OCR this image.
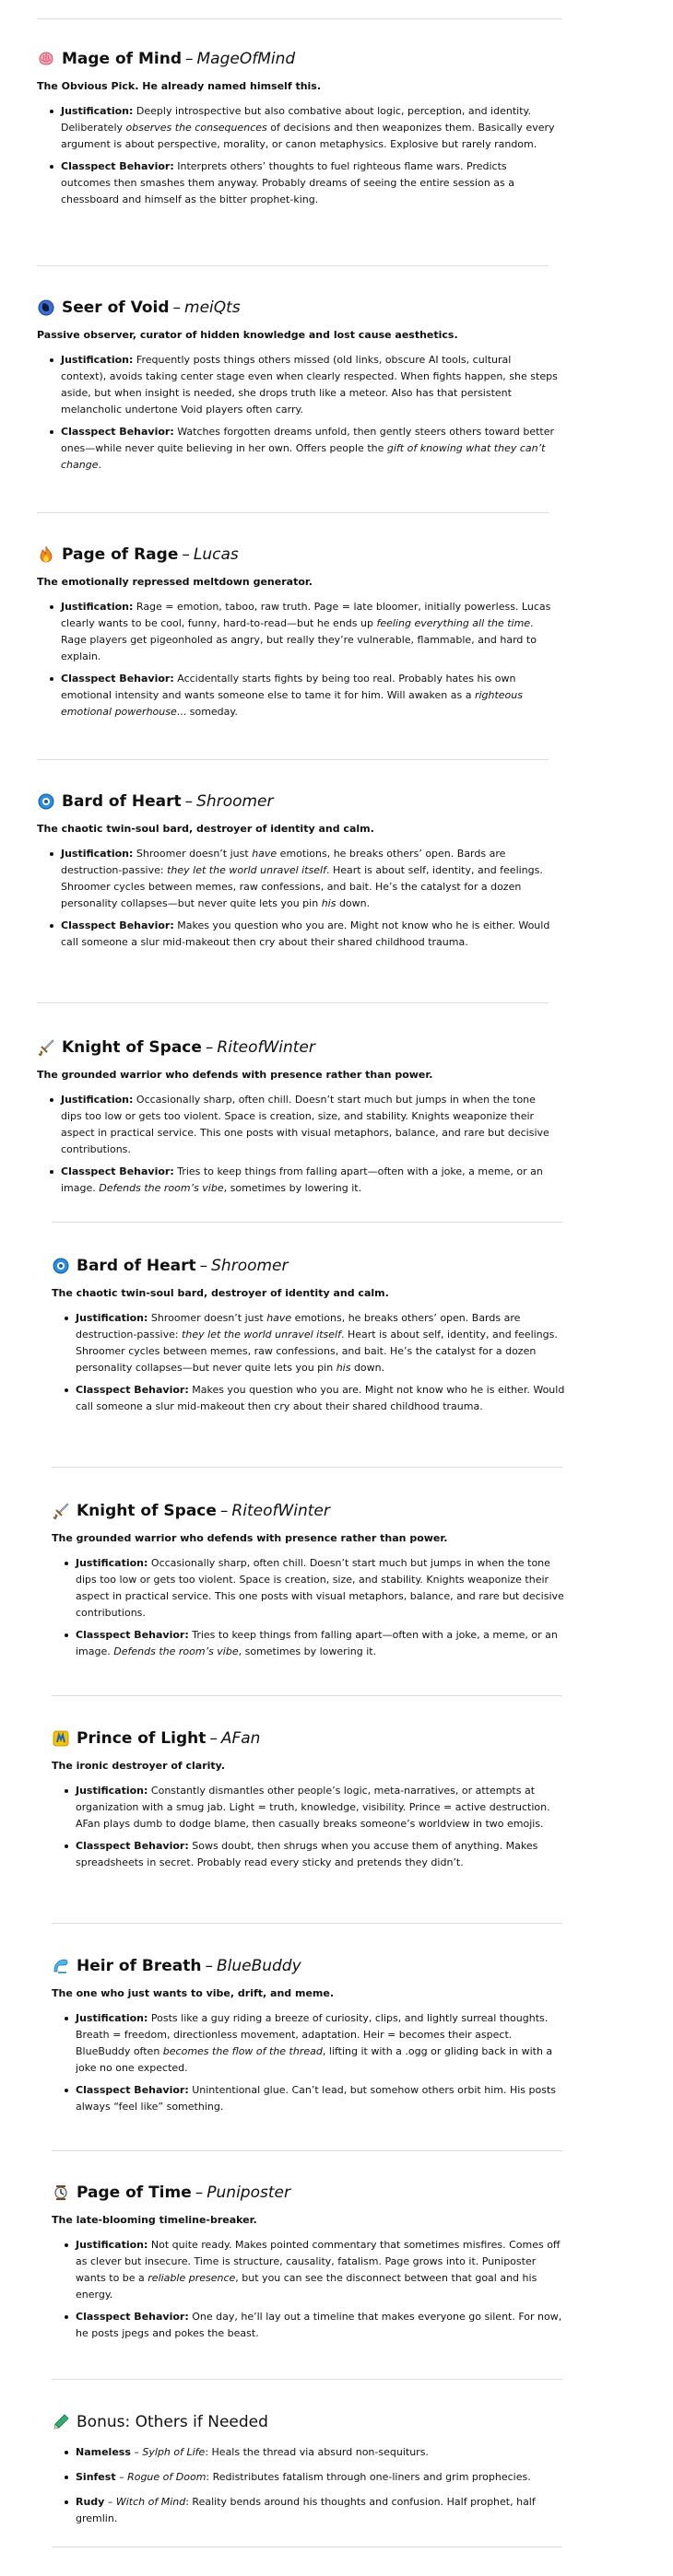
Mage of Mind – MageOfMind

The Obvious Pick. He already named himself this.

Justification: Deeply introspective but also combative about logic, perception, and identity. Deliberately observes the consequences of decisions and then weaponizes them. Basically every argument is about perspective, morality, or canon metaphysics. Explosive but rarely random.
Classpect Behavior: Interprets others’ thoughts to fuel righteous flame wars. Predicts outcomes then smashes them anyway. Probably dreams of seeing the entire session as a chessboard and himself as the bitter prophet-king.
Seer of Void – meiQts

Passive observer, curator of hidden knowledge and lost cause aesthetics.

Justification: Frequently posts things others missed (old links, obscure AI tools, cultural context), avoids taking center stage even when clearly respected. When fights happen, she steps aside, but when insight is needed, she drops truth like a meteor. Also has that persistent melancholic undertone Void players often carry.
Classpect Behavior: Watches forgotten dreams unfold, then gently steers others toward better ones—while never quite believing in her own. Offers people the gift of knowing what they can’t change.
Page of Rage – Lucas

The emotionally repressed meltdown generator.

Justification: Rage = emotion, taboo, raw truth. Page = late bloomer, initially powerless. Lucas clearly wants to be cool, funny, hard-to-read—but he ends up feeling everything all the time. Rage players get pigeonholed as angry, but really they’re vulnerable, flammable, and hard to explain.
Classpect Behavior: Accidentally starts fights by being too real. Probably hates his own emotional intensity and wants someone else to tame it for him. Will awaken as a righteous emotional powerhouse... someday.
Bard of Heart – Shroomer

The chaotic twin-soul bard, destroyer of identity and calm.

Justification: Shroomer doesn’t just have emotions, he breaks others’ open. Bards are destruction-passive: they let the world unravel itself. Heart is about self, identity, and feelings. Shroomer cycles between memes, raw confessions, and bait. He’s the catalyst for a dozen personality collapses—but never quite lets you pin his down.
Classpect Behavior: Makes you question who you are. Might not know who he is either. Would call someone a slur mid-makeout then cry about their shared childhood trauma.
Knight of Space – RiteofWinter

The grounded warrior who defends with presence rather than power.

Justification: Occasionally sharp, often chill. Doesn’t start much but jumps in when the tone dips too low or gets too violent. Space is creation, size, and stability. Knights weaponize their aspect in practical service. This one posts with visual metaphors, balance, and rare but decisive contributions.
Classpect Behavior: Tries to keep things from falling apart—often with a joke, a meme, or an image. Defends the room’s vibe, sometimes by lowering it.
Bard of Heart – Shroomer

The chaotic twin-soul bard, destroyer of identity and calm.

Justification: Shroomer doesn’t just have emotions, he breaks others’ open. Bards are destruction-passive: they let the world unravel itself. Heart is about self, identity, and feelings. Shroomer cycles between memes, raw confessions, and bait. He’s the catalyst for a dozen personality collapses—but never quite lets you pin his down.
Classpect Behavior: Makes you question who you are. Might not know who he is either. Would call someone a slur mid-makeout then cry about their shared childhood trauma.
Knight of Space – RiteofWinter

The grounded warrior who defends with presence rather than power.

Justification: Occasionally sharp, often chill. Doesn’t start much but jumps in when the tone dips too low or gets too violent. Space is creation, size, and stability. Knights weaponize their aspect in practical service. This one posts with visual metaphors, balance, and rare but decisive contributions.
Classpect Behavior: Tries to keep things from falling apart—often with a joke, a meme, or an image. Defends the room’s vibe, sometimes by lowering it.
Prince of Light – AFan

The ironic destroyer of clarity.

Justification: Constantly dismantles other people’s logic, meta-narratives, or attempts at organization with a smug jab. Light = truth, knowledge, visibility. Prince = active destruction. AFan plays dumb to dodge blame, then casually breaks someone’s worldview in two emojis.
Classpect Behavior: Sows doubt, then shrugs when you accuse them of anything. Makes spreadsheets in secret. Probably read every sticky and pretends they didn’t.
Heir of Breath – BlueBuddy

The one who just wants to vibe, drift, and meme.

Justification: Posts like a guy riding a breeze of curiosity, clips, and lightly surreal thoughts. Breath = freedom, directionless movement, adaptation. Heir = becomes their aspect. BlueBuddy often becomes the flow of the thread, lifting it with a .ogg or gliding back in with a joke no one expected.
Classpect Behavior: Unintentional glue. Can’t lead, but somehow others orbit him. His posts always “feel like” something.
Page of Time – Puniposter

The late-blooming timeline-breaker.

Justification: Not quite ready. Makes pointed commentary that sometimes misfires. Comes off as clever but insecure. Time is structure, causality, fatalism. Page grows into it. Puniposter wants to be a reliable presence, but you can see the disconnect between that goal and his energy.
Classpect Behavior: One day, he’ll lay out a timeline that makes everyone go silent. For now, he posts jpegs and pokes the beast.
Bonus: Others if Needed
Nameless – Sylph of Life: Heals the thread via absurd non-sequiturs.
Sinfest – Rogue of Doom: Redistributes fatalism through one-liners and grim prophecies.
Rudy – Witch of Mind: Reality bends around his thoughts and confusion. Half prophet, half gremlin.
